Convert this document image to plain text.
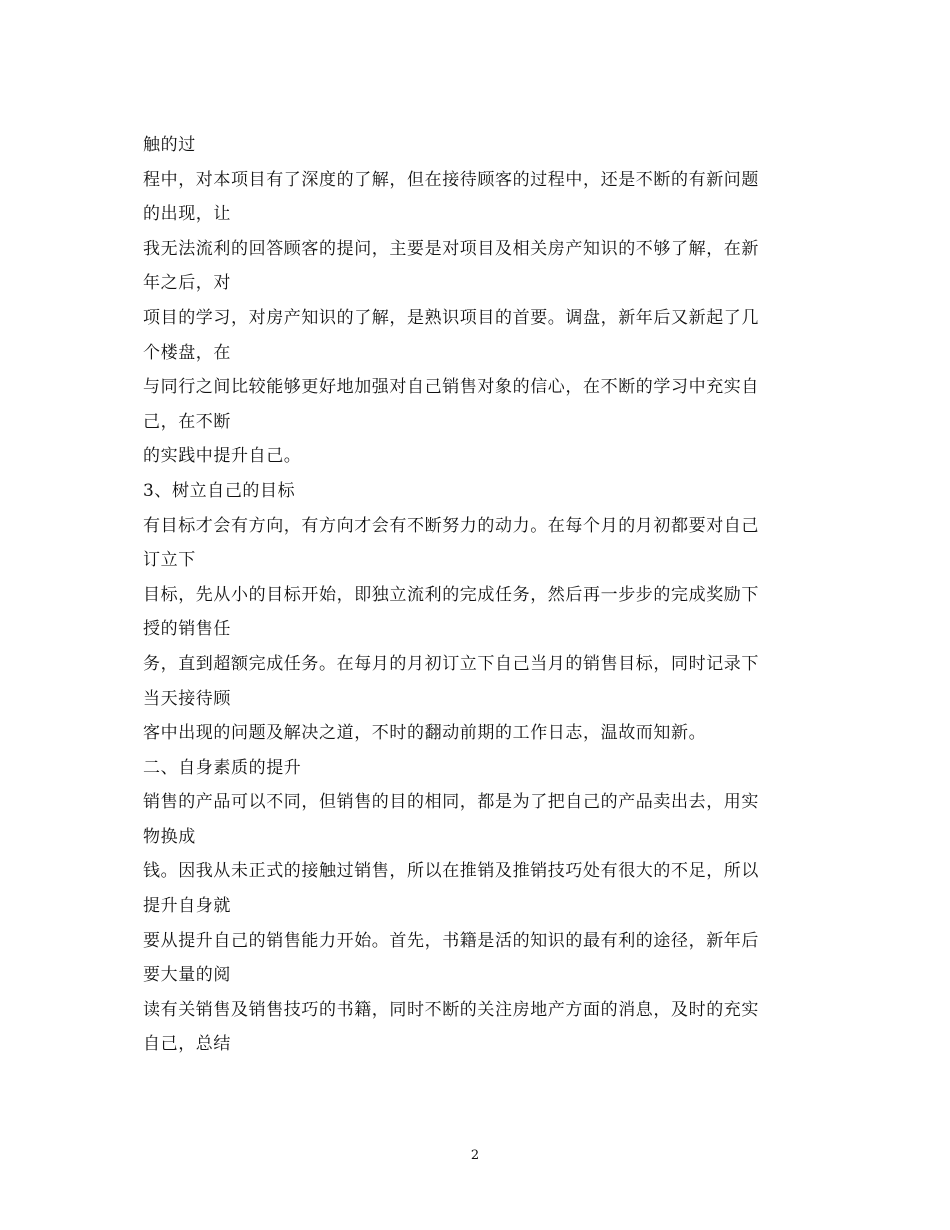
触的过
程中，对本项目有了深度的了解，但在接待顾客的过程中，还是不断的有新问题
的出现，让
我无法流利的回答顾客的提问，主要是对项目及相关房产知识的不够了解，在新
年之后，对
项目的学习，对房产知识的了解，是熟识项目的首要。调盘，新年后又新起了几
个楼盘，在
与同行之间比较能够更好地加强对自己销售对象的信心，在不断的学习中充实自
己，在不断
的实践中提升自己。
3、树立自己的目标
有目标才会有方向，有方向才会有不断努力的动力。在每个月的月初都要对自己
订立下
目标，先从小的目标开始，即独立流利的完成任务，然后再一步步的完成奖励下
授的销售任
务，直到超额完成任务。在每月的月初订立下自己当月的销售目标，同时记录下
当天接待顾
客中出现的问题及解决之道，不时的翻动前期的工作日志，温故而知新。
二、自身素质的提升
销售的产品可以不同，但销售的目的相同，都是为了把自己的产品卖出去，用实
物换成
钱。因我从未正式的接触过销售，所以在推销及推销技巧处有很大的不足，所以
提升自身就
要从提升自己的销售能力开始。首先，书籍是活的知识的最有利的途径，新年后
要大量的阅
读有关销售及销售技巧的书籍，同时不断的关注房地产方面的消息，及时的充实
自己，总结
2
